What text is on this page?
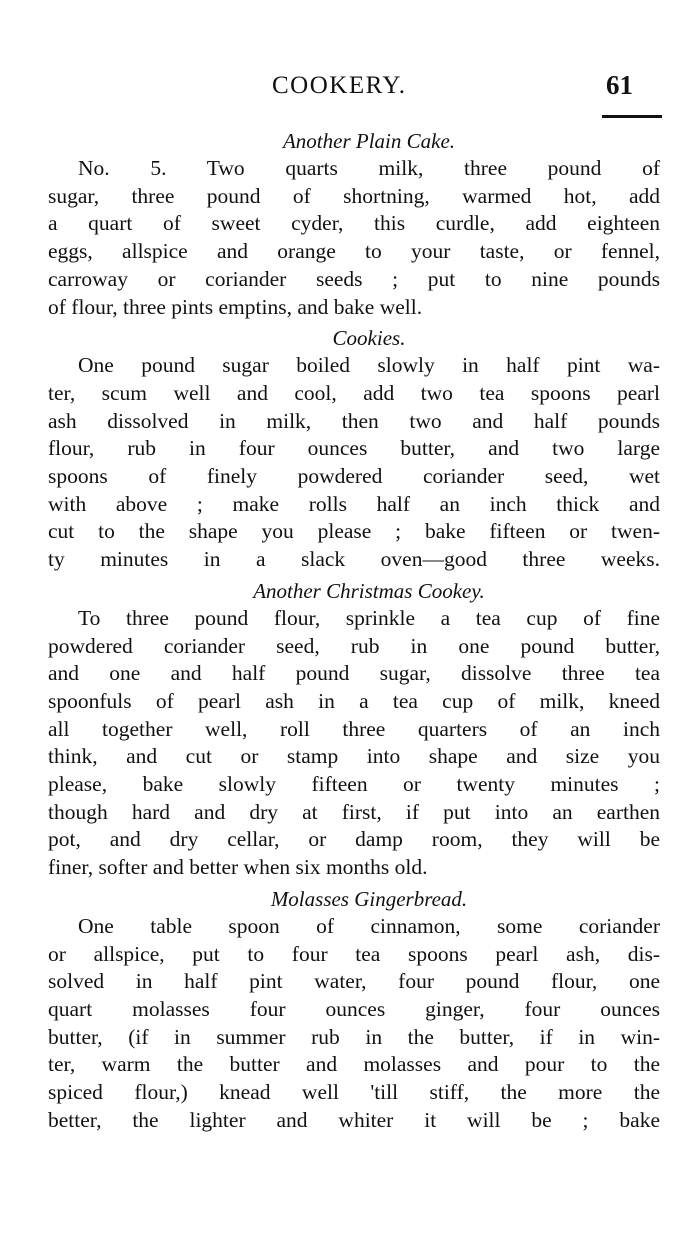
COOKERY.	61

Another Plain Cake.

No. 5. Two quarts milk, three pound of
sugar, three pound of shortning, warmed hot, add
a quart of sweet cyder, this curdle, add eighteen
eggs, allspice and orange to your taste, or fennel,
carroway or coriander seeds ; put to nine pounds
of flour, three pints emptins, and bake well.

Cookies.

One pound sugar boiled slowly in half pint wa-
ter, scum well and cool, add two tea spoons pearl
ash dissolved in milk, then two and half pounds
flour, rub in four ounces butter, and two large
spoons of finely powdered coriander seed, wet
with above ; make rolls half an inch thick and
cut to the shape you please ; bake fifteen or twen-
ty minutes in a slack oven—good three weeks.

Another Christmas Cookey.

To three pound flour, sprinkle a tea cup of fine
powdered coriander seed, rub in one pound butter,
and one and half pound sugar, dissolve three tea
spoonfuls of pearl ash in a tea cup of milk, kneed
all together well, roll three quarters of an inch
think, and cut or stamp into shape and size you
please, bake slowly fifteen or twenty minutes ;
though hard and dry at first, if put into an earthen
pot, and dry cellar, or damp room, they will be
finer, softer and better when six months old.

Molasses Gingerbread.

One table spoon of cinnamon, some coriander
or allspice, put to four tea spoons pearl ash, dis-
solved in half pint water, four pound flour, one
quart molasses four ounces ginger, four ounces
butter, (if in summer rub in the butter, if in win-
ter, warm the butter and molasses and pour to the
spiced flour,) knead well 'till stiff, the more the
better, the lighter and whiter it will be ; bake
